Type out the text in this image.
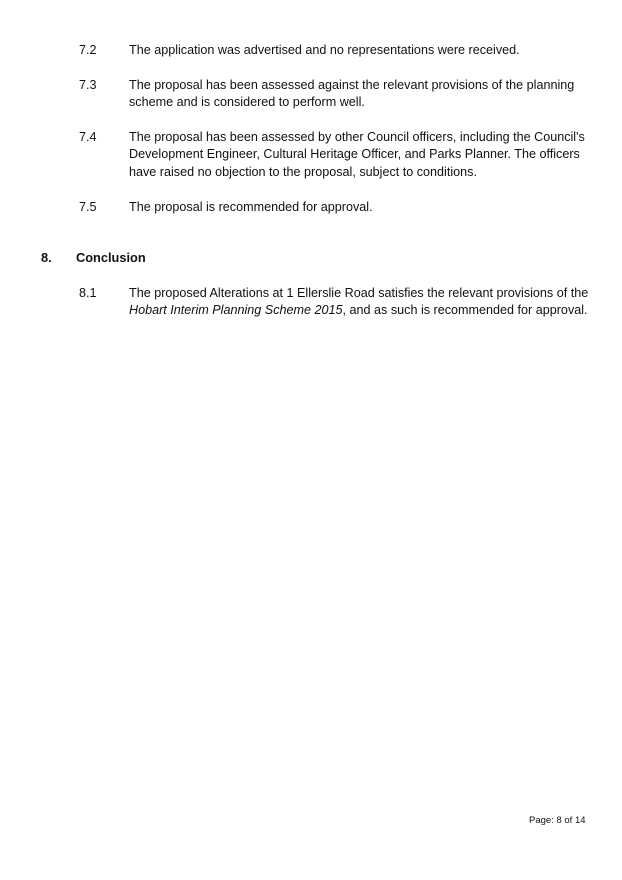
7.2	The application was advertised and no representations were received.
7.3	The proposal has been assessed against the relevant provisions of the planning scheme and is considered to perform well.
7.4	The proposal has been assessed by other Council officers, including the Council's Development Engineer, Cultural Heritage Officer, and Parks Planner. The officers have raised no objection to the proposal, subject to conditions.
7.5	The proposal is recommended for approval.
8. Conclusion
8.1	The proposed Alterations at 1 Ellerslie Road satisfies the relevant provisions of the Hobart Interim Planning Scheme 2015, and as such is recommended for approval.
Page: 8 of 14
